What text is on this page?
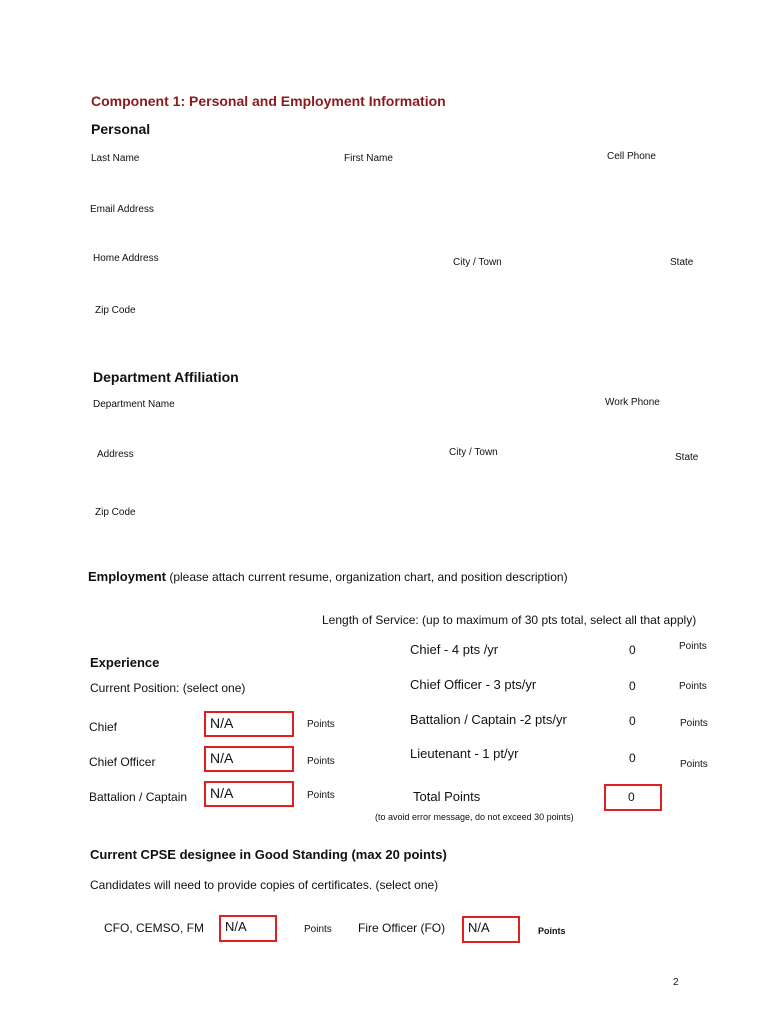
Component 1: Personal and Employment Information
Personal
Last Name	First Name	Cell Phone
Email Address
Home Address	City / Town	State
Zip Code
Department Affiliation
Department Name	Work Phone
Address	City / Town	State
Zip Code
Employment (please attach current resume, organization chart, and position description)
Length of Service: (up to maximum of 30 pts total, select all that apply)
Chief - 4 pts /yr	0	Points
Chief Officer - 3 pts/yr	0	Points
Battalion / Captain -2 pts/yr	0	Points
Lieutenant - 1 pt/yr	0	Points
Total Points	0
(to avoid error message, do not exceed 30 points)
Experience
Current Position: (select one)
Chief	N/A	Points
Chief Officer	N/A	Points
Battalion / Captain	N/A	Points
Current CPSE designee in Good Standing (max 20 points)
Candidates will need to provide copies of certificates. (select one)
CFO, CEMSO, FM	N/A	Points Fire Officer (FO)	N/A	Points
2
